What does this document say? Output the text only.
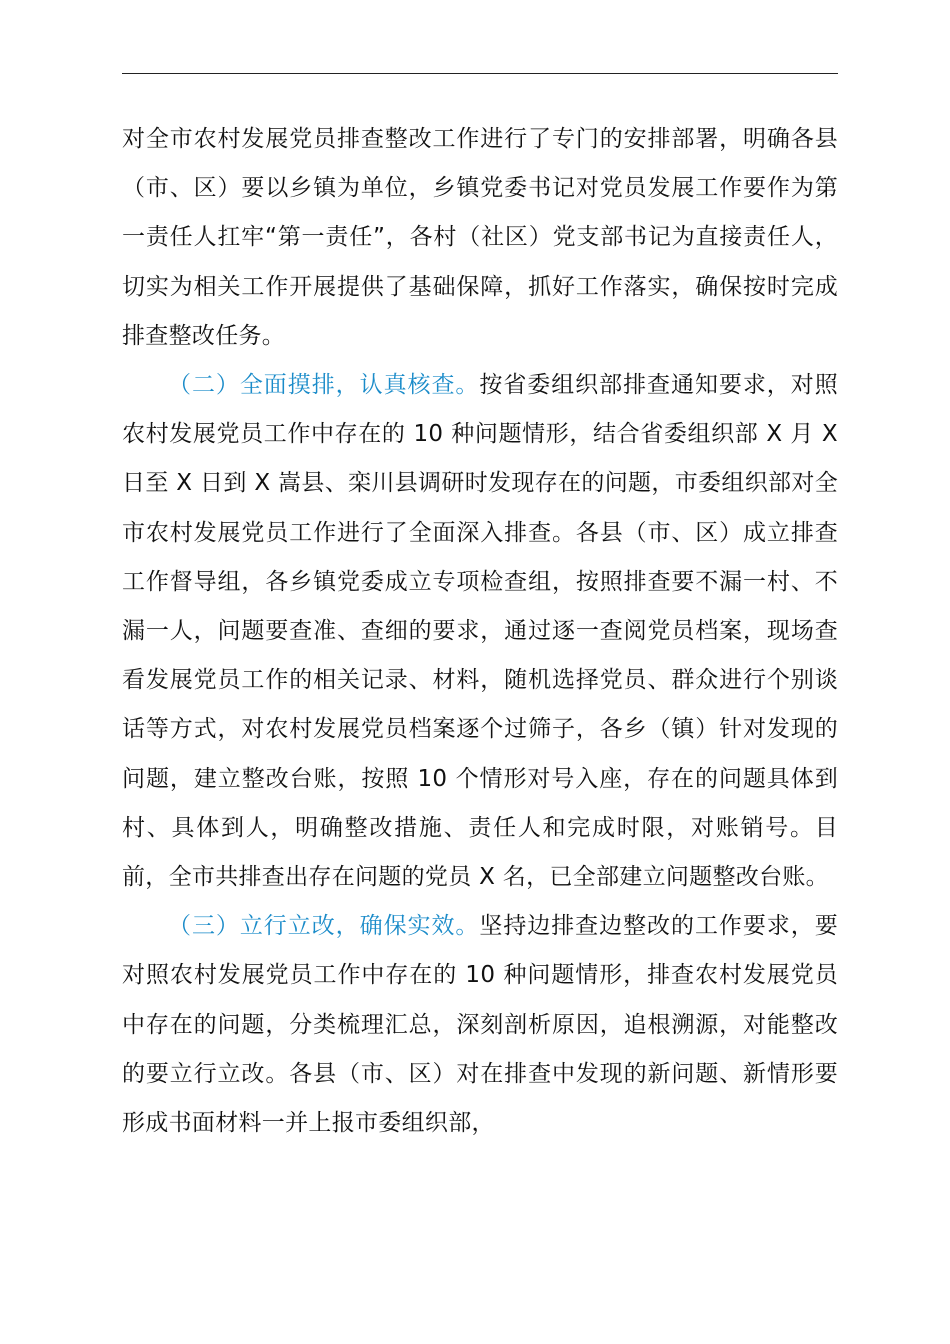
对全市农村发展党员排查整改工作进行了专门的安排部署，明确各县（市、区）要以乡镇为单位，乡镇党委书记对党员发展工作要作为第一责任人扛牢“第一责任”，各村（社区）党支部书记为直接责任人，切实为相关工作开展提供了基础保障，抓好工作落实，确保按时完成排查整改任务。

（二）全面摸排，认真核查。按省委组织部排查通知要求，对照农村发展党员工作中存在的 10 种问题情形，结合省委组织部 X 月 X 日至 X 日到 X 嵩县、栾川县调研时发现存在的问题，市委组织部对全市农村发展党员工作进行了全面深入排查。各县（市、区）成立排查工作督导组，各乡镇党委成立专项检查组，按照排查要不漏一村、不漏一人，问题要查准、查细的要求，通过逐一查阅党员档案，现场查看发展党员工作的相关记录、材料，随机选择党员、群众进行个别谈话等方式，对农村发展党员档案逐个过筛子，各乡（镇）针对发现的问题，建立整改台账，按照 10 个情形对号入座，存在的问题具体到村、具体到人，明确整改措施、责任人和完成时限，对账销号。目前，全市共排查出存在问题的党员 X 名，已全部建立问题整改台账。

（三）立行立改，确保实效。坚持边排查边整改的工作要求，要对照农村发展党员工作中存在的 10 种问题情形，排查农村发展党员中存在的问题，分类梳理汇总，深刻剖析原因，追根溯源，对能整改的要立行立改。各县（市、区）对在排查中发现的新问题、新情形要形成书面材料一并上报市委组织部，
